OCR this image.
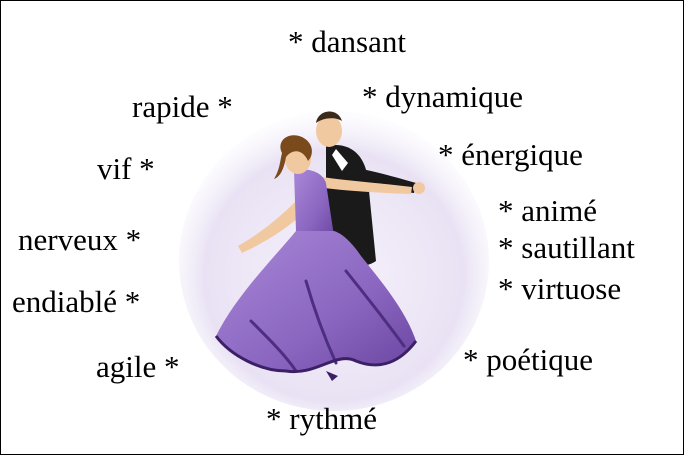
* dansant
* dynamique
* énergique
* animé
* sautillant
* virtuose
* poétique
* rythmé
rapide *
vif *
nerveux *
endiablé *
agile *
